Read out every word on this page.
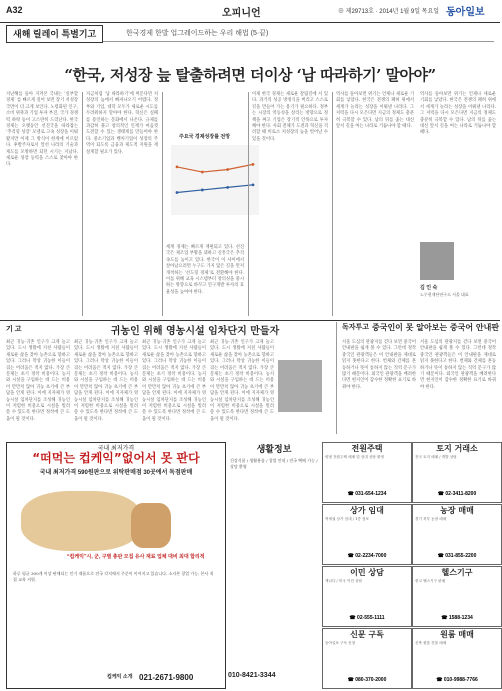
A32	오피니언	⊕ 제29713호 · 2014년 1월 9일 목요일 동아일보
새해 릴레이 특별기고	한국경제 한발 업그레이드하는 우리 해법 (5·끝)
“한국, 저성장 늪 탈출하려면 더이상 ‘남 따라하기’ 말아야”
지난해를 돌아 지켜본 국내는 ‘실부할 경제’ 를 빠르게 짚어 보면 장기 저성장 국면이 더 크게 보인다. 노령화된 인구, 소비 위축과 기업 투자 부진, 국가 경쟁력 하락 등이 고스란히 드러난다. 한국 경제는 오랫동안 선진국을 따라잡는 ‘추격형 성장’ 모델로 고속 성장을 이뤄왔지만 이제 그 방식이 한계에 이르렀다. 후발주자로서 앞선 나라의 기술과 제도를 모방하면 되던 시기는 지났다. 새로운 성장 동력을 스스로 찾아야 한다.
지금처럼 ‘남 따라하기’에 머문다면 저성장의 늪에서 빠져나오기 어렵다. 정부와 기업, 대학 모두가 새로운 시도를 두려워하지 말아야 한다. 혁신은 실패를 용인하는 문화에서 나온다. 규제를 과감히 풀고 창의적인 인재가 마음껏 도전할 수 있는 생태계를 만들어야 한다. 중소기업과 벤처기업이 성장의 주역이 되도록 금융과 제도적 지원을 재설계할 필요가 있다.
주요국 경제성장률 전망
세계 경제는 빠르게 재편되고 있다. 선진국은 제조업 부활을 꾀하고 신흥국은 추격 속도를 높이고 있다. 한국이 이 사이에서 살아남으려면 누구도 가지 않은 길을 먼저 개척하는 ‘선도형 경제’로 전환해야 한다. 이를 위해 교육 시스템부터 창의성을 중시하는 방향으로 바꾸고 연구개발 투자의 효율성을 높여야 한다.
이제 한국 경제는 새로운 갈림길에 서 있다. 과거의 성공 방정식을 버리고 스스로 길을 만들어 가는 용기가 필요하다. 정부는 시장의 역동성을 살리는 방향으로 정책을 짜고 기업은 장기적 안목으로 투자해야 한다. 사회 전체가 도전과 혁신을 격려할 때 비로소 저성장의 늪을 벗어날 수 있을 것이다.
역사를 돌아보면 위기는 언제나 새로운 기회를 낳았다. 한국은 전쟁의 폐허 위에서 세계가 놀라는 성장을 이뤄낸 나라다. 그 저력을 다시 모은다면 지금의 정체도 충분히 극복할 수 있다. 남의 뒤를 좇는 대신 앞서 길을 여는 나라로 거듭나야 할 때다.
김 인 숙
노무현재단연구소 서울 대표
역사를 돌아보면 위기는 언제나 새로운 기회를 낳았다. 한국은 전쟁의 폐허 위에서 세계가 놀라는 성장을 이뤄낸 나라다. 그 저력을 다시 모은다면 지금의 정체도 충분히 극복할 수 있다. 남의 뒤를 좇는 대신 앞서 길을 여는 나라로 거듭나야 할 때다.
기 고	귀농인 위해 영농시설 임차단지 만들자
최근 귀농·귀촌 인구가 크게 늘고 있다. 도시 생활에 지친 사람들이 새로운 삶을 찾아 농촌으로 향하고 있다. 그러나 막상 귀농한 이들이 겪는 어려움은 적지 않다. 가장 큰 문제는 초기 정착 비용이다. 농지와 시설을 구입하는 데 드는 비용이 만만치 않아 귀농 초기에 큰 부담을 안게 된다. 이에 지자체가 영농시설 임차단지를 조성해 귀농인이 저렴한 비용으로 시설을 빌려 쓸 수 있도록 한다면 정착에 큰 도움이 될 것이다.
최근 귀농·귀촌 인구가 크게 늘고 있다. 도시 생활에 지친 사람들이 새로운 삶을 찾아 농촌으로 향하고 있다. 그러나 막상 귀농한 이들이 겪는 어려움은 적지 않다. 가장 큰 문제는 초기 정착 비용이다. 농지와 시설을 구입하는 데 드는 비용이 만만치 않아 귀농 초기에 큰 부담을 안게 된다. 이에 지자체가 영농시설 임차단지를 조성해 귀농인이 저렴한 비용으로 시설을 빌려 쓸 수 있도록 한다면 정착에 큰 도움이 될 것이다.
최근 귀농·귀촌 인구가 크게 늘고 있다. 도시 생활에 지친 사람들이 새로운 삶을 찾아 농촌으로 향하고 있다. 그러나 막상 귀농한 이들이 겪는 어려움은 적지 않다. 가장 큰 문제는 초기 정착 비용이다. 농지와 시설을 구입하는 데 드는 비용이 만만치 않아 귀농 초기에 큰 부담을 안게 된다. 이에 지자체가 영농시설 임차단지를 조성해 귀농인이 저렴한 비용으로 시설을 빌려 쓸 수 있도록 한다면 정착에 큰 도움이 될 것이다.
최근 귀농·귀촌 인구가 크게 늘고 있다. 도시 생활에 지친 사람들이 새로운 삶을 찾아 농촌으로 향하고 있다. 그러나 막상 귀농한 이들이 겪는 어려움은 적지 않다. 가장 큰 문제는 초기 정착 비용이다. 농지와 시설을 구입하는 데 드는 비용이 만만치 않아 귀농 초기에 큰 부담을 안게 된다. 이에 지자체가 영농시설 임차단지를 조성해 귀농인이 저렴한 비용으로 시설을 빌려 쓸 수 있도록 한다면 정착에 큰 도움이 될 것이다.
독자투고 중국인이 못 알아보는 중국어 안내판
서울 도심의 관광지를 걷다 보면 중국어 안내판을 쉽게 볼 수 있다. 그런데 정작 중국인 관광객들은 이 안내판을 제대로 읽지 못한다고 한다. 번체와 간체를 혼동하거나 뜻이 통하지 않는 직역 문구가 많기 때문이다. 외국인 관광객을 배려한다면 현지인이 감수한 정확한 표기로 바꿔야 한다.
서울 도심의 관광지를 걷다 보면 중국어 안내판을 쉽게 볼 수 있다. 그런데 정작 중국인 관광객들은 이 안내판을 제대로 읽지 못한다고 한다. 번체와 간체를 혼동하거나 뜻이 통하지 않는 직역 문구가 많기 때문이다. 외국인 관광객을 배려한다면 현지인이 감수한 정확한 표기로 바꿔야 한다.
국내 최저가격
“떠먹는 컵케익”없어서 못 판다
국내 최저가격 590원판으로 위탁판매점 30곳에서 독점판매
“컵케익”시, 군, 구별 총판 모집 유사 재료 업체 대비 최대 합리적
하루 평균 300개 이상 판매되는 인기 제품으로 전국 각지에서 주문이 이어지고 있습니다. 소자본 창업 가능, 본사 직접 교육 지원.
컵케익 소개 021-2671-9800
생활정보
건강식품 / 생활용품 / 창업 안내 / 전국 택배 가능 / 상담 환영
010-8421-3344
전원주택
양평 전원주택 매매 및 임대 상담 환영
☎ 031-654-1234
토지 거래소
전국 토지 매매 / 개발 상담
☎ 02-3411-8200
상가 임대
역세권 상가 임대 / 1층 점포
☎ 02-2234-7000
농장 매매
경기 북부 농장 매매
☎ 031-855-2200
이민 상담
캐나다 / 미국 이민 상담
☎ 02-555-1111
헬스기구
중고 헬스기구 판매
☎ 1588-1234
신문 구독
동아일보 구독 신청
☎ 080-370-2000
원룸 매매
신축 원룸 건물 매매
☎ 010-9988-7766
